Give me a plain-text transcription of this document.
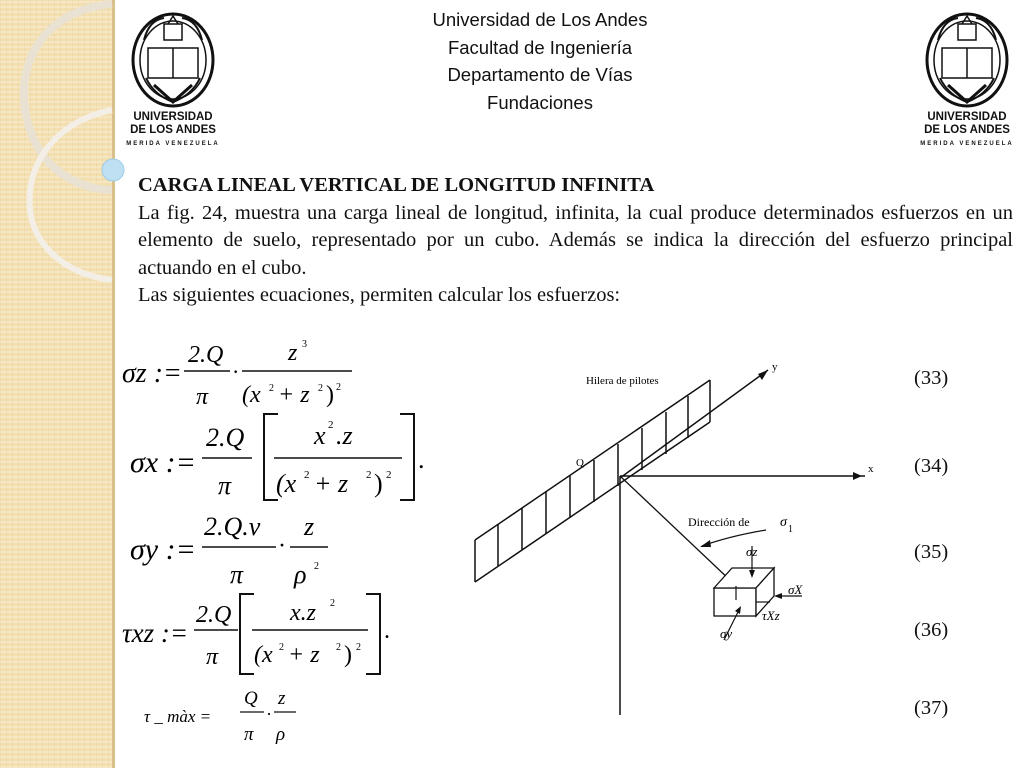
Universidad de Los Andes
Facultad de Ingeniería
Departamento de Vías
Fundaciones
UNIVERSIDAD
DE LOS ANDES
MERIDA VENEZUELA
UNIVERSIDAD
DE LOS ANDES
MERIDA VENEZUELA

CARGA LINEAL VERTICAL DE LONGITUD INFINITA

La fig. 24, muestra una carga lineal de longitud, infinita, la cual produce determinados esfuerzos en un elemento de suelo, representado por un cubo. Además se indica la dirección del esfuerzo principal actuando en el cubo.

Las siguientes ecuaciones, permiten calcular los esfuerzos:

σz :=
2.Q
π
·
z 3
(x 2 + z 2 ) 2
σx :=
2.Q
π
x 2 .z
(x 2 + z 2 ) 2
.
σy :=
2.Q.ν
π
·
z
ρ 2
τxz :=
2.Q
π
x.z 2
(x 2 + z 2 ) 2
.
τ _ màx =
Q
π
·
z
ρ
(33)
(34)
(35)
(36)
(37)
y
x
Hilera de pilotes
Q
Dirección de σ 1
σz
σX
τXz
σy
